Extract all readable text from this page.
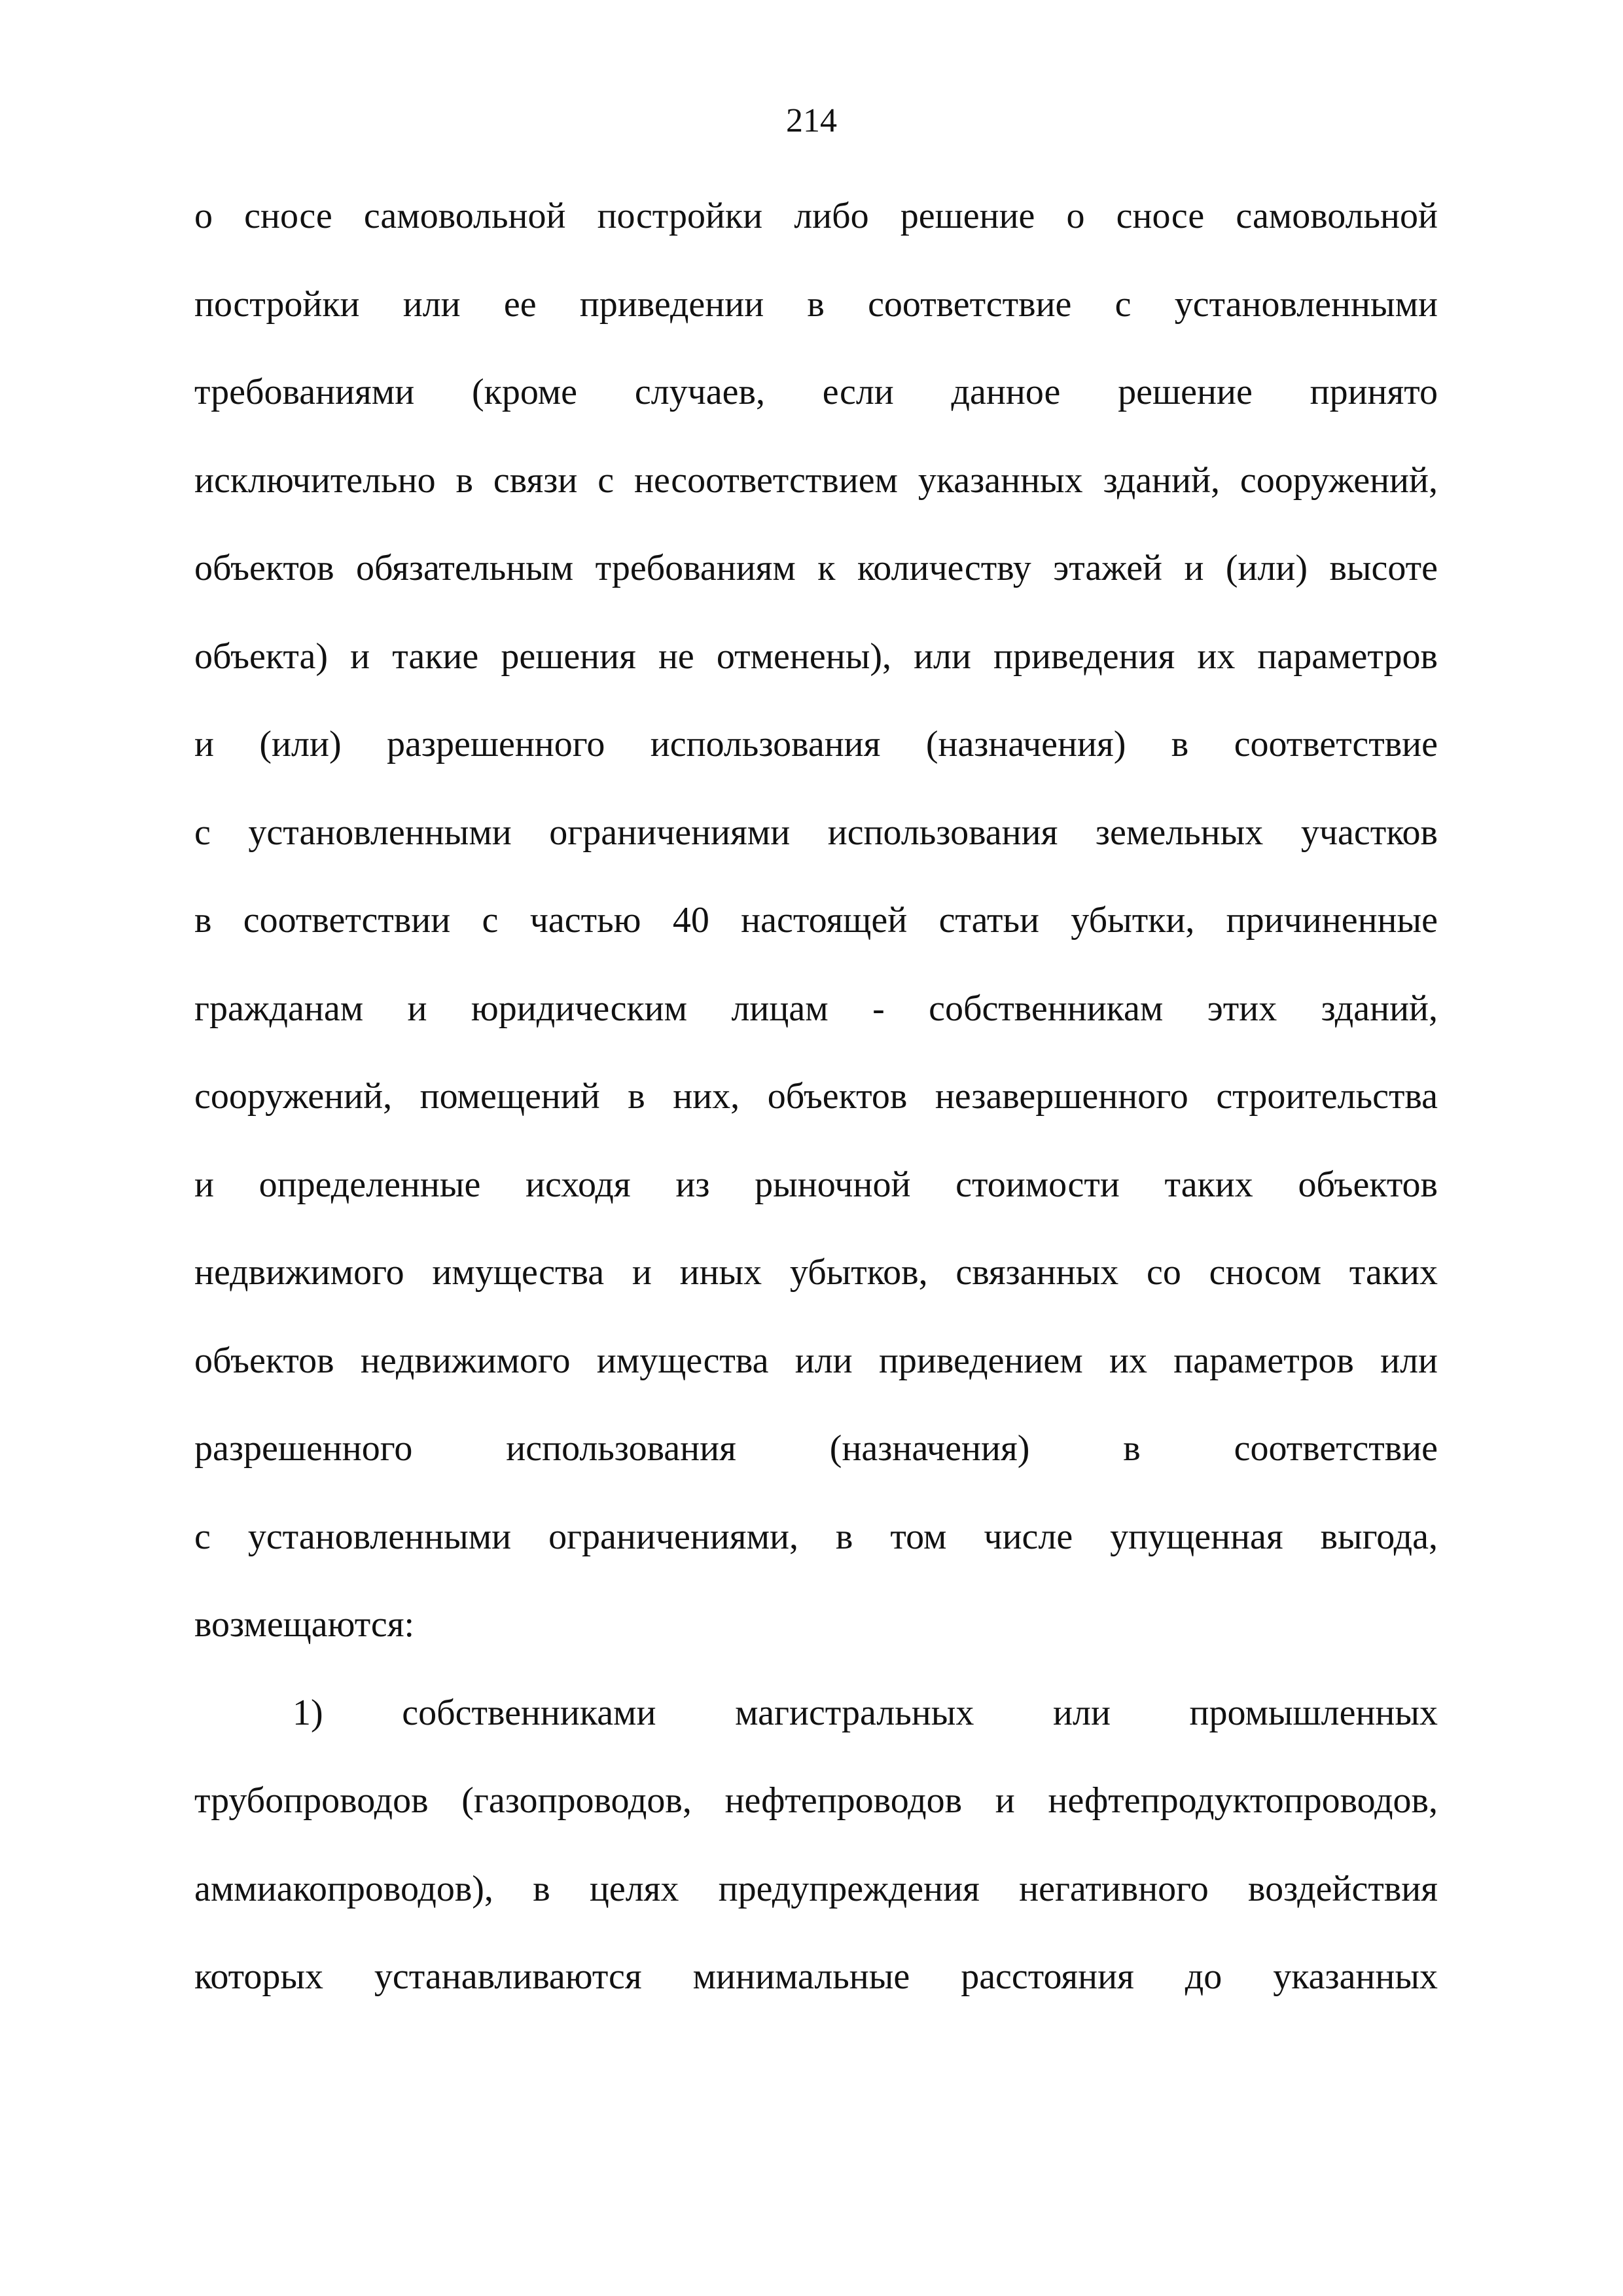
214
о сносе самовольной постройки либо решение о сносе самовольной
постройки или ее приведении в соответствие с установленными
требованиями (кроме случаев, если данное решение принято
исключительно в связи с несоответствием указанных зданий, сооружений,
объектов обязательным требованиям к количеству этажей и (или) высоте
объекта) и такие решения не отменены), или приведения их параметров
и (или) разрешенного использования (назначения) в соответствие
с установленными ограничениями использования земельных участков
в соответствии с частью 40 настоящей статьи убытки, причиненные
гражданам и юридическим лицам - собственникам этих зданий,
сооружений, помещений в них, объектов незавершенного строительства
и определенные исходя из рыночной стоимости таких объектов
недвижимого имущества и иных убытков, связанных со сносом таких
объектов недвижимого имущества или приведением их параметров или
разрешенного использования (назначения) в соответствие
с установленными ограничениями, в том числе упущенная выгода,
возмещаются:
1) собственниками магистральных или промышленных
трубопроводов (газопроводов, нефтепроводов и нефтепродуктопроводов,
аммиакопроводов), в целях предупреждения негативного воздействия
которых устанавливаются минимальные расстояния до указанных
